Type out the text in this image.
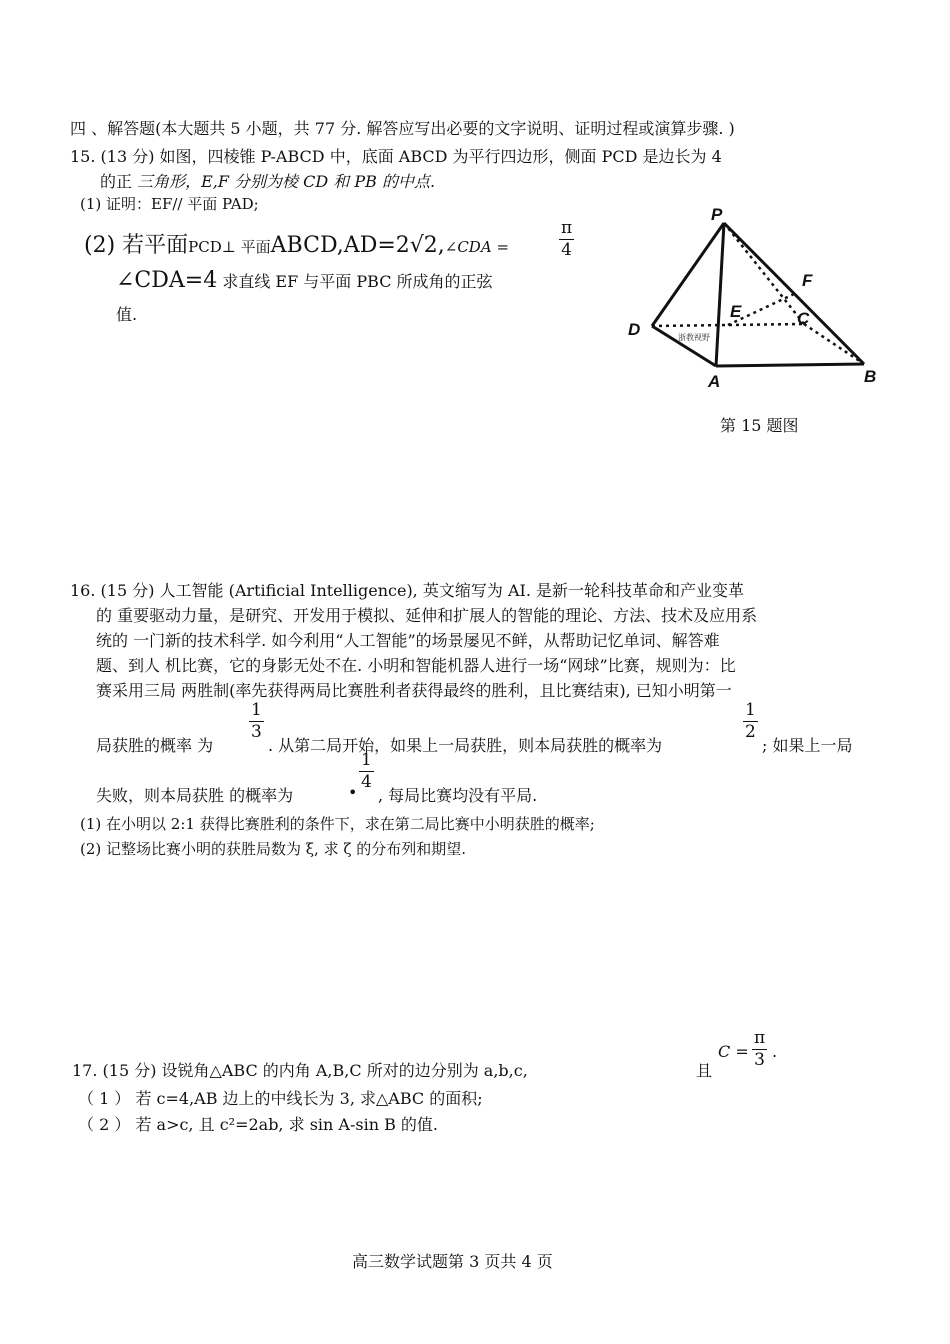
四 、解答题(本大题共 5 小题，共 77 分. 解答应写出必要的文字说明、证明过程或演算步骤. )
15. (13 分) 如图，四棱锥 P-ABCD 中，底面 ABCD 为平行四边形，侧面 PCD 是边长为 4
的正 三角形，E,F 分别为棱 CD 和 PB 的中点.
(1) 证明：EF// 平面 PAD;
(2) 若平面PCD⊥ 平面ABCD,AD=2√2,∠CDA =	$\frac{\pi}{4}$
∠CDA=4 求直线 EF 与平面 PBC 所成角的正弦
值.
P
F
E	C
D
A	B
浙教视野
第 15 题图
16. (15 分) 人工智能 (Artificial Intelligence), 英文缩写为 AI. 是新一轮科技革命和产业变革
的 重要驱动力量，是研究、开发用于模拟、延伸和扩展人的智能的理论、方法、技术及应用系
统的 一门新的技术科学. 如今利用“人工智能”的场景屡见不鲜，从帮助记忆单词、解答难
题、到人 机比赛，它的身影无处不在. 小明和智能机器人进行一场“网球”比赛，规则为：比
赛采用三局 两胜制(率先获得两局比赛胜利者获得最终的胜利，且比赛结束), 已知小明第一
局获胜的概率 为
$\frac{1}{3}$
. 从第二局开始，如果上一局获胜，则本局获胜的概率为
$\frac{1}{2}$
; 如果上一局
失败，则本局获胜 的概率为	•
$\frac{1}{4}$
, 每局比赛均没有平局.
(1) 在小明以 2:1 获得比赛胜利的条件下，求在第二局比赛中小明获胜的概率;
(2) 记整场比赛小明的获胜局数为 ξ, 求 ζ 的分布列和期望.
17. (15 分) 设锐角△ABC 的内角 A,B,C 所对的边分别为 a,b,c,	且
$C = \frac{\pi}{3}$ .
（ 1 ） 若 c=4,AB 边上的中线长为 3, 求△ABC 的面积;
（ 2 ） 若 a>c, 且 c²=2ab, 求 sin A-sin B 的值.
高三数学试题第 3 页共 4 页
